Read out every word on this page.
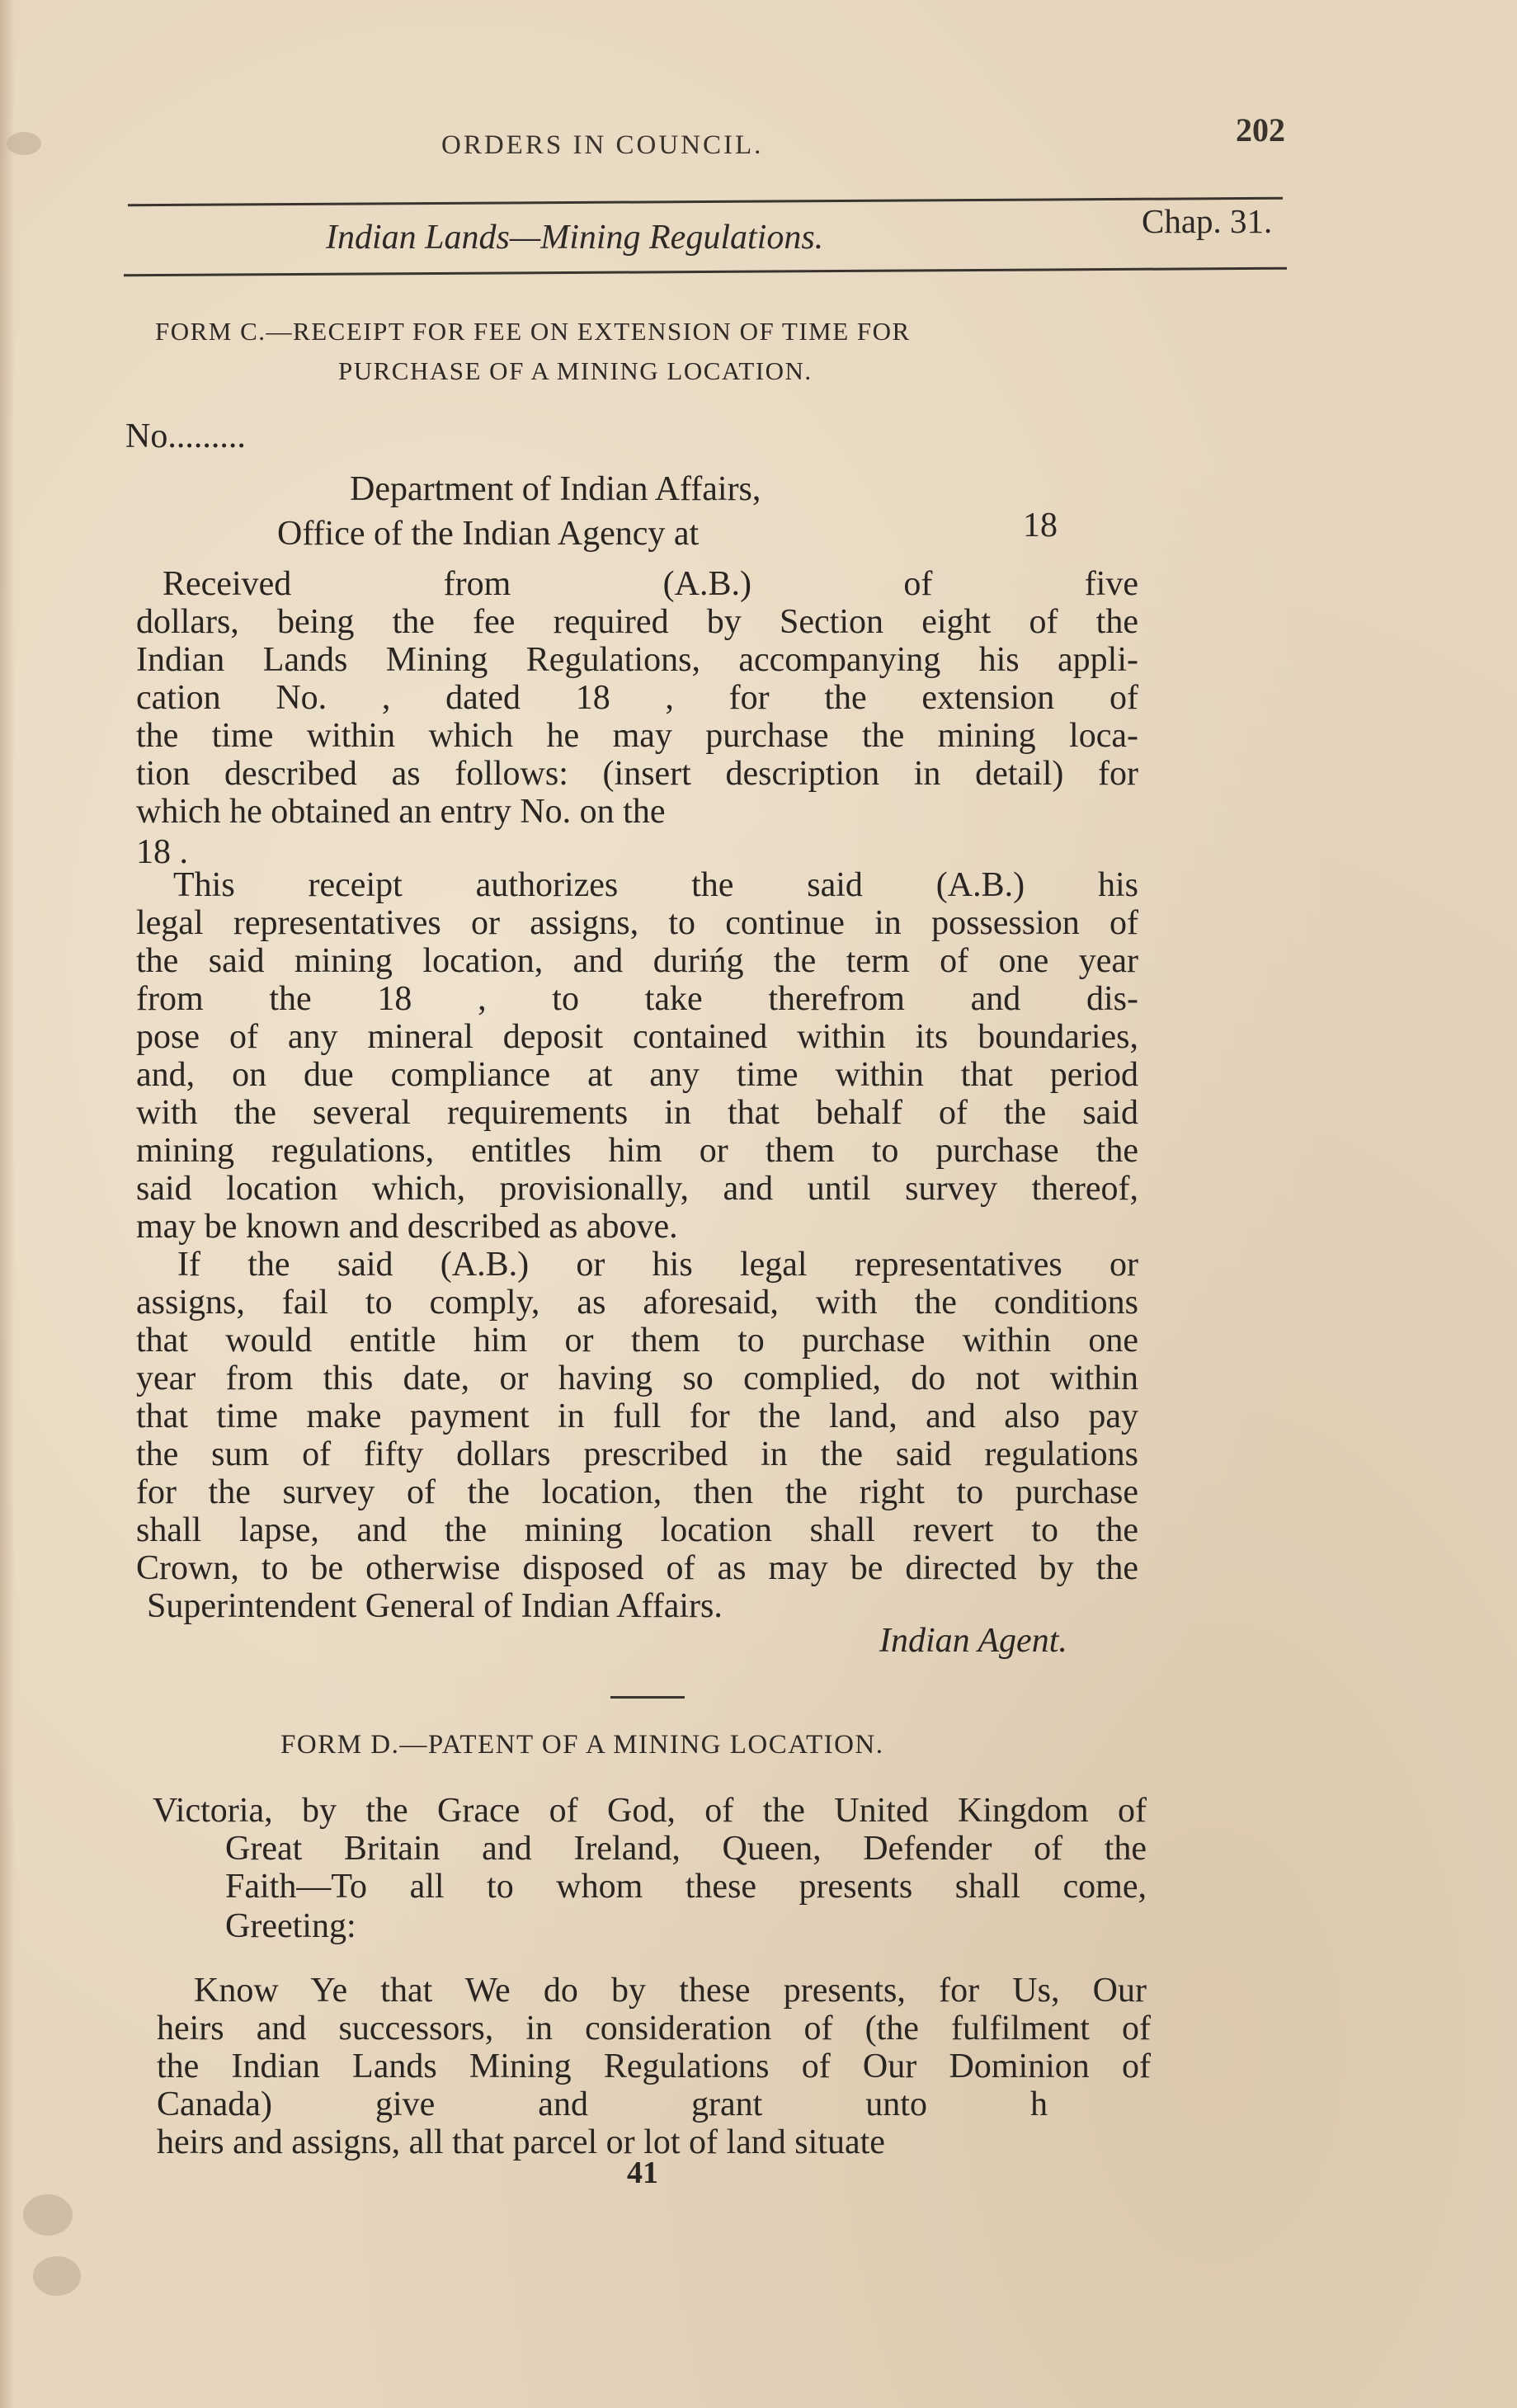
ORDERS IN COUNCIL.	202
Indian Lands—Mining Regulations.	Chap. 31.
FORM C.—RECEIPT FOR FEE ON EXTENSION OF TIME FOR
PURCHASE OF A MINING LOCATION.
No.........
Department of Indian Affairs,
Office of the Indian Agency at	18
Received from (A.B.) of five
dollars, being the fee required by Section eight of the
Indian Lands Mining Regulations, accompanying his appli-
cation No. , dated 18 , for the extension of
the time within which he may purchase the mining loca-
tion described as follows: (insert description in detail) for
which he obtained an entry No. on the
18 .
This receipt authorizes the said (A.B.) his
legal representatives or assigns, to continue in possession of
the said mining location, and durińg the term of one year
from the 18 , to take therefrom and dis-
pose of any mineral deposit contained within its boundaries,
and, on due compliance at any time within that period
with the several requirements in that behalf of the said
mining regulations, entitles him or them to purchase the
said location which, provisionally, and until survey thereof,
may be known and described as above.
If the said (A.B.) or his legal representatives or
assigns, fail to comply, as aforesaid, with the conditions
that would entitle him or them to purchase within one
year from this date, or having so complied, do not within
that time make payment in full for the land, and also pay
the sum of fifty dollars prescribed in the said regulations
for the survey of the location, then the right to purchase
shall lapse, and the mining location shall revert to the
Crown, to be otherwise disposed of as may be directed by the
Superintendent General of Indian Affairs.
Indian Agent.
FORM D.—PATENT OF A MINING LOCATION.
Victoria, by the Grace of God, of the United Kingdom of
Great Britain and Ireland, Queen, Defender of the
Faith—To all to whom these presents shall come,
Greeting:
Know Ye that We do by these presents, for Us, Our
heirs and successors, in consideration of (the fulfilment of
the Indian Lands Mining Regulations of Our Dominion of
Canada) give and grant unto h
heirs and assigns, all that parcel or lot of land situate
41
